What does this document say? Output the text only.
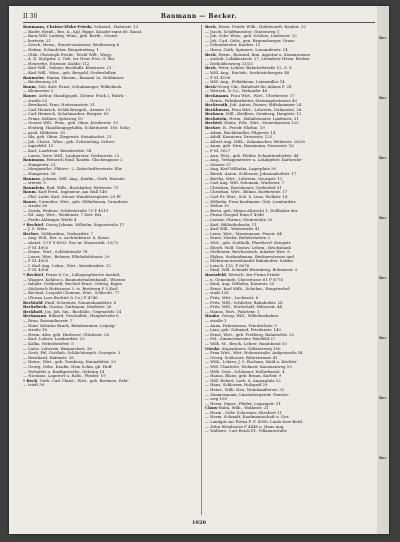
II 30	Baumann — Becker.

Baumann, Christa-Elsbe-Frieda, Schneid., Hafenstr. 13

— Bader, Reinh., Bes. ii., Kgl. Rippe, Kanzlei-ramt 66. Kanzl.

— Baus Will. Ludwig, Wins., geb. Berth., Grund-

— kortestr. 21

— Gesch. Herm., Steuer-Assistent, Weidenweg 4

— Helme, Schaufcher. Bergstrafeng. 1

— Glüh. Christoph Friedr., Wichl Will., Weyg.

— 4. II. Stolpebr. 2. Geb. ter Neue Frei. G. Bei.

— Henriette, Eisenstr. Kubbe 112

— Karl Will., Seliner, Buchhdlr. Kleistestr. 21

— Karl Will., Wins., geb. Bergold, Gerbeshdlstr.

Baumeier, Emma, Hausm., Bauamt 2a, Holdiniser

— Beckenweg 28

Baum, Seh. Kalv. Ernst, Schulmauger, Wilhelmsh.

— Kleinweise 2

Bauer, Arthur, Handlgsgeh. (Zeinw. Fisch.), Fahrh.-.

— straße 23

— Bernhard, Frau, Heiteranetstr. 31

— Carl Heinrich, Schlächtergeh., Armstr. 12

— Carl Heinrich, Schuhmacher, Bergstr. 83

— Franz, Kellner, Spitzweg 10

— Gustav Will., Wins., geb. Ohne, Kreiberstr. 19

— Hedwig, Handlungsgehilfin, Schleitorstr. 185. Ecke

— gesd. Hilderstr. 28

— Ida, geb. Ohne, Ziegenstr. Steinbachst. 21

— Joh. Christ., Wins., geb. Schwarting, Schrei-

— ingerfeld. 10

— Karl, Laufsteur. Bernherdstr. 94

— Laura, Verw. Will., Laufgerster. Gerbsorstr. 23

Baumann, Heinrich Emil, Kaufm. Glockengasse 2

— Hungerstr. 21

— Margarethe, Plätter-: 2. Zeitschriftvertretr. Ehr.

— Hungerstr. 26

Baumer, Johann, Will. Ang., Kaufm., Gerb. Hausäe-

— sterstr. 5

Baumlein, Rud. Wilh., Buchhalter, Weberstr. 73

Baum, Karl Ferd., Ingenieur, Am Wall 148

— Phil. Ludw. Karl, Steuer Handelsregister, 29 Pf.

Bauer, Cornelius, Wirt., geb. Wilhelmsen, Grundsstr.

— straße 36

— Gerda, Federm. Schleirstraße 75 F 4015

— Ed. Ang. Wirt., Weidenstr. 7 Zett. Bei

— Ferdu Aldringer Werfe 4

* Bechtel, Georg Johann, Wilhelm, Sägerstraße 17

— J. 5. Wins.

Becher, Gebhardine, Gerhardstr. 7

— Aug. Will., Bot. u. Architekturst. 8, Rosat.

— Alexst. 13 F 8 4903. Par.-nr. Hauswirtk. 15/73

— F 81 4903

— Heinr., Wirt., Schleifstraße 78

— Laura, Wirt., Belzner, Pflickelsfohnstr. 29

— F 81 4903

— I. Karl Aug. Lehm., Wirt., Kornbendstr. 12

— F 81 4908

* Bechtel, Franz & Co., Lithographische Anstalt,

— Wagner, Kohlen u. Baumaterialienhandl., Wurzen

— Inhabr: Gebhardt, Bechtel Ernst, Gehrig, Eigen

— Sächsisch Hofstrasse 3. ts. Breitweg F 5 Karl

— Bechsel, Leopold Clemens, Wirt., Schlecht. 77

— (Ferma Loss Bechtel & Co.) F 4746

Bechtold, Emil, Schreiner, Sonnenhandelstr. 8

Beckebeck, Gustav, Gattmann, Marktstr. 26

Beckholt, Jos. Joh. Sm., Buchhdr., Gegenelstr. 14

Beckmann, Eduard, Geschäftsf., Hauptstraße 6

— Erna, Reisenduerstr. 7

— Hans Valentin Bruck, Bahnbeamter, Leipzig-

— straße 16

— Herm. Alex, geb. Harbeorr, Glücksstr. 26

— Karl, Lehrer, Lombardstr. 23

— Kalka, Weberbriefstr. 5

— Luise, Lehrerin, Bismarckstr. 36

— Gerh. Fel. Gottlieb, Schlächtergeh. Georgstr. 3

— Bernhard, Hafenstr. 28

— Heinr., Wirt., geb. Tornberg, Hannefelstr. 29

— Georg, Gebr., Kaufm. Hein Schm. gb. Hoff.

— Wohnfels u. Kraftgewerbe, Gehring 14

— Nicolaus, Lagerort u. Ratb., Flieder. 19

* Beck, Gerh. Carl Christ., Wirt., geb. Bremers, Fahr-

— trieft 39

Beck, Herm. Friedr. Wilh., Hofsteuerft, Kaufstr. 32

— Jacob, Schiffsmeister, Gratenweg 1

— Joh. Schr. Wins., geb. Schloss, Lindenstr. 12

— Joh. Carl, Gebr., gen. Regensburger, Gram-

— Schauberster, Kaufstr. 12

— Ibsen, Guth, Spinnert, Lomanderstr. 14

Beck, Herm., Reisend, Ibm. Agentur u. Kommissions-

— anstalt, Lohkkastestr. 27, Liebahrer Herm. Becker

— Dieboldsenweg 31/33

Beck, Peter, Lehrer, Bahnhofstraße 12, S. 8

— Will. Aug., Buchdr., Seebüstelwegstr. 48

— F 81 4198

— Will. Aug., Fellahkenn. Leinemiller 14

Beck-Georg Chr., Bahnhoft für Adams F. 28

— Wirtsch. & Co., Verkaufer 48

Beckmann, Frau Wirt., Wirt., Überberstr. 17

— Heinr., Fahrikarbeiter, Steinenpfostenwe 40

Beckerath, Joh. Anton, Diener, Stiftskammer 24

Beckhusen, Frau Wirt., Lehrerin, Dahnastst. 26

Becksen, Will., Beidlers, Gemberg, Hauptstr. 12

Beckstein, Herm., Bahnbeamter, Lindenstr. 31

Bechtel, Heinr., Prfr., Wirt., Steuerkassem 120

Becker, B., Friedr. Ehrhm. 19

— Adam, Buchhändler, Pilgerstr. 14

— Adolf, Kassierer, Drossestr. 123

— Albert Aug. Wilh., Zahnmacher, Weilerstr. 26/28

— Anna, geb. Dirn, Hausmann, Nesserstr. 16

— F 81 3027

— Ann, Wirt., geb. Pfeifer, Schmittendorfstr. 48

— Aug., Verlagsmeister u. Lokalgeber. Karlsruhe-

— Strasse 37

— Aug. Karl Wilhelm, Lagerplatz 50

— Bernh. Anton, Schlosser, Johannahoftstr. 17

— Bertha, Wirt., Lehrerin, Georgstr. 12

— Carl Aug. Will. Schoman, Winterstr. 7

— Christian, Bootsbauer, Gerberhof 31

— Christian, Wirt., Bühne, Kurfürststr. 17

— Carl Fr. Wirt., Sch. 6, Lenz, Wolkstr. 18

— Wilhelm, Frau Kaufmann: Geb. Lombardstr.

— Weber 10

— Berta, geb. Minna-Albrecht 1, Dollhaber der

— Firma Gregorl Rum F 4946

— Leonor, Ohruns, Steinstraße 25

— Karl, Bibliotheksehr. 11

— Karl Will., Weinstraße 41

— Luise, Wirt., Marienmaur. Fenstr. 84

— Ernst, Nieder, Beßelertatten 2

— Wirt., geb. Gotthalb, Pfarrherrl. Kriegstr.

— Eberh. Wolf. Gustav, Lehrm., Reichsbank

— Stellenrat, Reichssitzeh, Inhaber Wirt. 8

— Elyksa, Seekaufmann, Berlinerstrasse und

— Elektromotorenhandel Bahnhofstr. Salzke.

— Leisch. 115. F 8076

— Emil, Will. Schmidt Wermberg, Bohnenstr. 5

Bootzfeld, Wirtsch. der Firma Friedr.

— u. Gemeinde, Cheestrasse 61 F 8776

— Emil, Aug. Wilhelm, Käserstr. 25

— Ernst, Karl Wilh., Schuhm., Hauptwebel-

— stadt 126

— Fritz, Wirt., Lochesstr. 6

— Fritz, Will., Schlotter, Bahnhofstr. 28

— Fritz, Will., Wirtschaft, Hiltowstr. 44

— Hanns, Wirt., Fahrtenr. 1

Hanke, Georg, Will., Wilhelmshaben-

— straße 1

— Anna, Fahrstrasse, Friedrichstr. 9

— Lina, geb. Schmied, Friedenstr. 140

— Ernst, Wirt., geb. Frelberg, Bahnhofstr. 52

— Fel., Zimmermeister, Fahrfeld 27

— Wilh. M., Bruch, Lehrer, Raninbund 10

Gieske, Kopenhorer, Gehbestweg 100

— Frau Wirt., Wirt. Hohenstraße, Aufgestraße 54

— Georg, Schlosser, Ritterstrasse 41

— Wilh., Lehrer, J. 5. Bochum, Wald u. Küchler

— Will. Charlotte, Wohnstr. Kanonenweg 10

— Wilh. Gest., Schlosser, Hollerbastst. 4

— Hansa, Blane, geb. Braun, Karlstr. 9

— Will. Robert, Lerh. 6, Angerplatz 12

— Hans, Schlosser, Holzgraf 29

— Heinr., Wilh. Neu, Weinhandlerstr. 33

— Zimmermann, Linzenbergerstr. Fenster-

— weg 100

— Herm. Mgwr., Pfeifer, Leipzigstr. 31

Claus-Holm, Wilh., Wolkestr. 21

— Herm., Gebr. Schreiner, Sherbert 11

— Herm. Schmidt, Kaufmannschaft u. Ges.

— Landgut zur Firma F. F. 4908, Lindo-Sarr-Bettl.

— Zehn Weinbourn F 4448 u. Haus Aug.

— Walbers, Curt Reich Pf., Villanurstraße

1920
Bec
Bec
Bec
Bec
Bec
Bec
Bec
Bec
